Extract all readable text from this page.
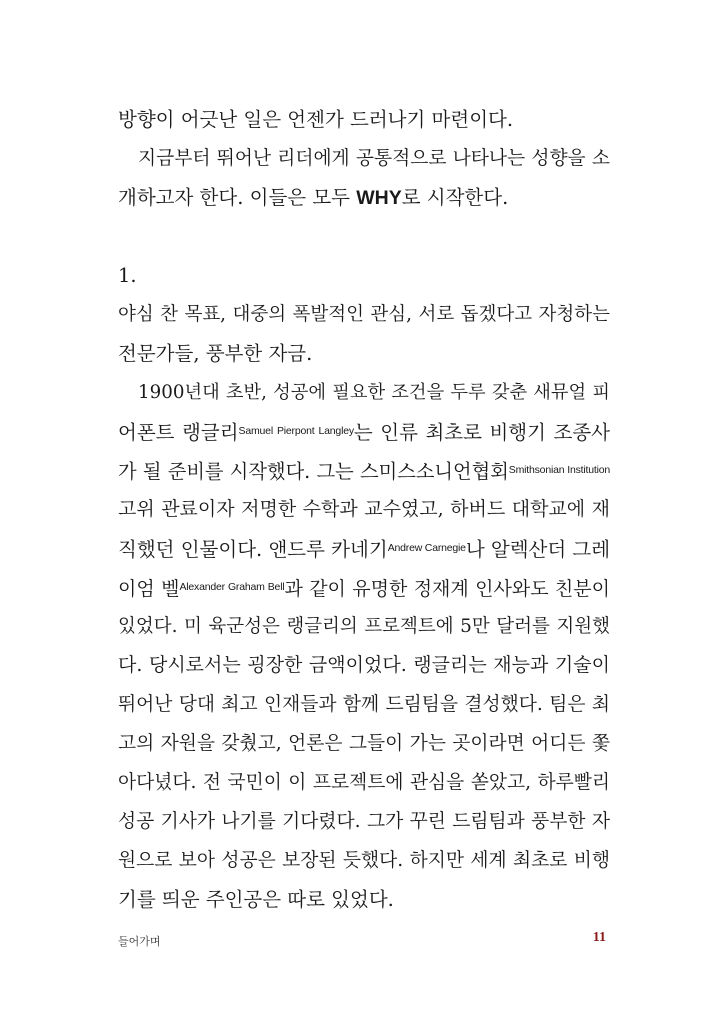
방향이 어긋난 일은 언젠가 드러나기 마련이다.
지금부터 뛰어난 리더에게 공통적으로 나타나는 성향을 소
개하고자 한다. 이들은 모두 WHY로 시작한다.
1.
야심 찬 목표, 대중의 폭발적인 관심, 서로 돕겠다고 자청하는
전문가들, 풍부한 자금.
1900년대 초반, 성공에 필요한 조건을 두루 갖춘 새뮤얼 피
어폰트 랭글리$^{Samuel Pierpont Langley}$는 인류 최초로 비행기 조종사
가 될 준비를 시작했다. 그는 스미스소니언협회$^{Smithsonian Institution}$
고위 관료이자 저명한 수학과 교수였고, 하버드 대학교에 재
직했던 인물이다. 앤드루 카네기$^{Andrew Carnegie}$나 알렉산더 그레
이엄 벨$^{Alexander Graham Bell}$과 같이 유명한 정재계 인사와도 친분이
있었다. 미 육군성은 랭글리의 프로젝트에 5만 달러를 지원했
다. 당시로서는 굉장한 금액이었다. 랭글리는 재능과 기술이
뛰어난 당대 최고 인재들과 함께 드림팀을 결성했다. 팀은 최
고의 자원을 갖췄고, 언론은 그들이 가는 곳이라면 어디든 쫓
아다녔다. 전 국민이 이 프로젝트에 관심을 쏟았고, 하루빨리
성공 기사가 나기를 기다렸다. 그가 꾸린 드림팀과 풍부한 자
원으로 보아 성공은 보장된 듯했다. 하지만 세계 최초로 비행
기를 띄운 주인공은 따로 있었다.
들어가며	11
